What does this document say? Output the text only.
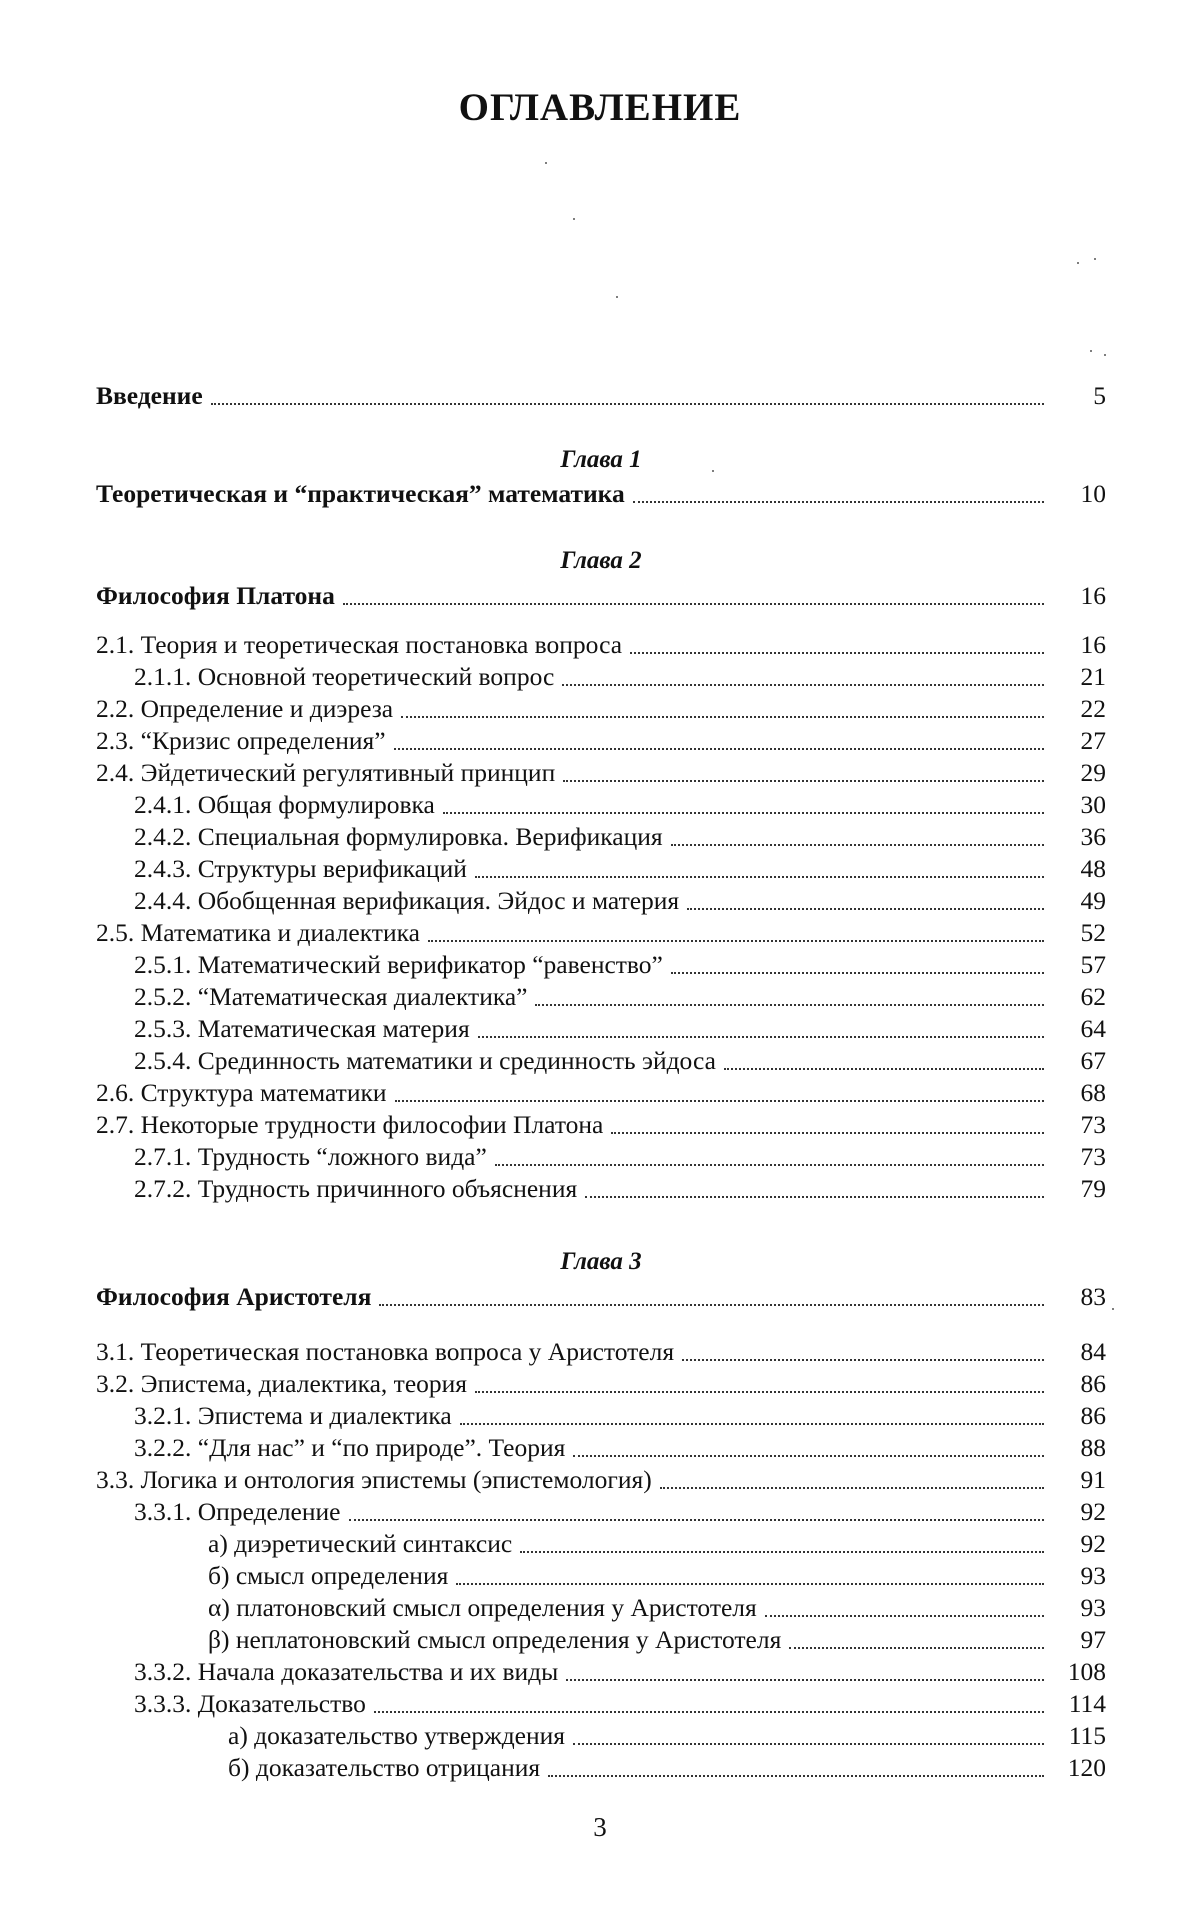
ОГЛАВЛЕНИЕ
Введение	5
Глава 1
Теоретическая и “практическая” математика	10
Глава 2
Философия Платона	16
2.1. Теория и теоретическая постановка вопроса	16
2.1.1. Основной теоретический вопрос	21
2.2. Определение и диэреза	22
2.3. “Кризис определения”	27
2.4. Эйдетический регулятивный принцип	29
2.4.1. Общая формулировка	30
2.4.2. Специальная формулировка. Верификация	36
2.4.3. Структуры верификаций	48
2.4.4. Обобщенная верификация. Эйдос и материя	49
2.5. Математика и диалектика	52
2.5.1. Математический верификатор “равенство”	57
2.5.2. “Математическая диалектика”	62
2.5.3. Математическая материя	64
2.5.4. Срединность математики и срединность эйдоса	67
2.6. Структура математики	68
2.7. Некоторые трудности философии Платона	73
2.7.1. Трудность “ложного вида”	73
2.7.2. Трудность причинного объяснения	79
Глава 3
Философия Аристотеля	83
3.1. Теоретическая постановка вопроса у Аристотеля	84
3.2. Эпистема, диалектика, теория	86
3.2.1. Эпистема и диалектика	86
3.2.2. “Для нас” и “по природе”. Теория	88
3.3. Логика и онтология эпистемы (эпистемология)	91
3.3.1. Определение	92
а) диэретический синтаксис	92
б) смысл определения	93
α) платоновский смысл определения у Аристотеля	93
β) неплатоновский смысл определения у Аристотеля	97
3.3.2. Начала доказательства и их виды	108
3.3.3. Доказательство	114
а) доказательство утверждения	115
б) доказательство отрицания	120
3
